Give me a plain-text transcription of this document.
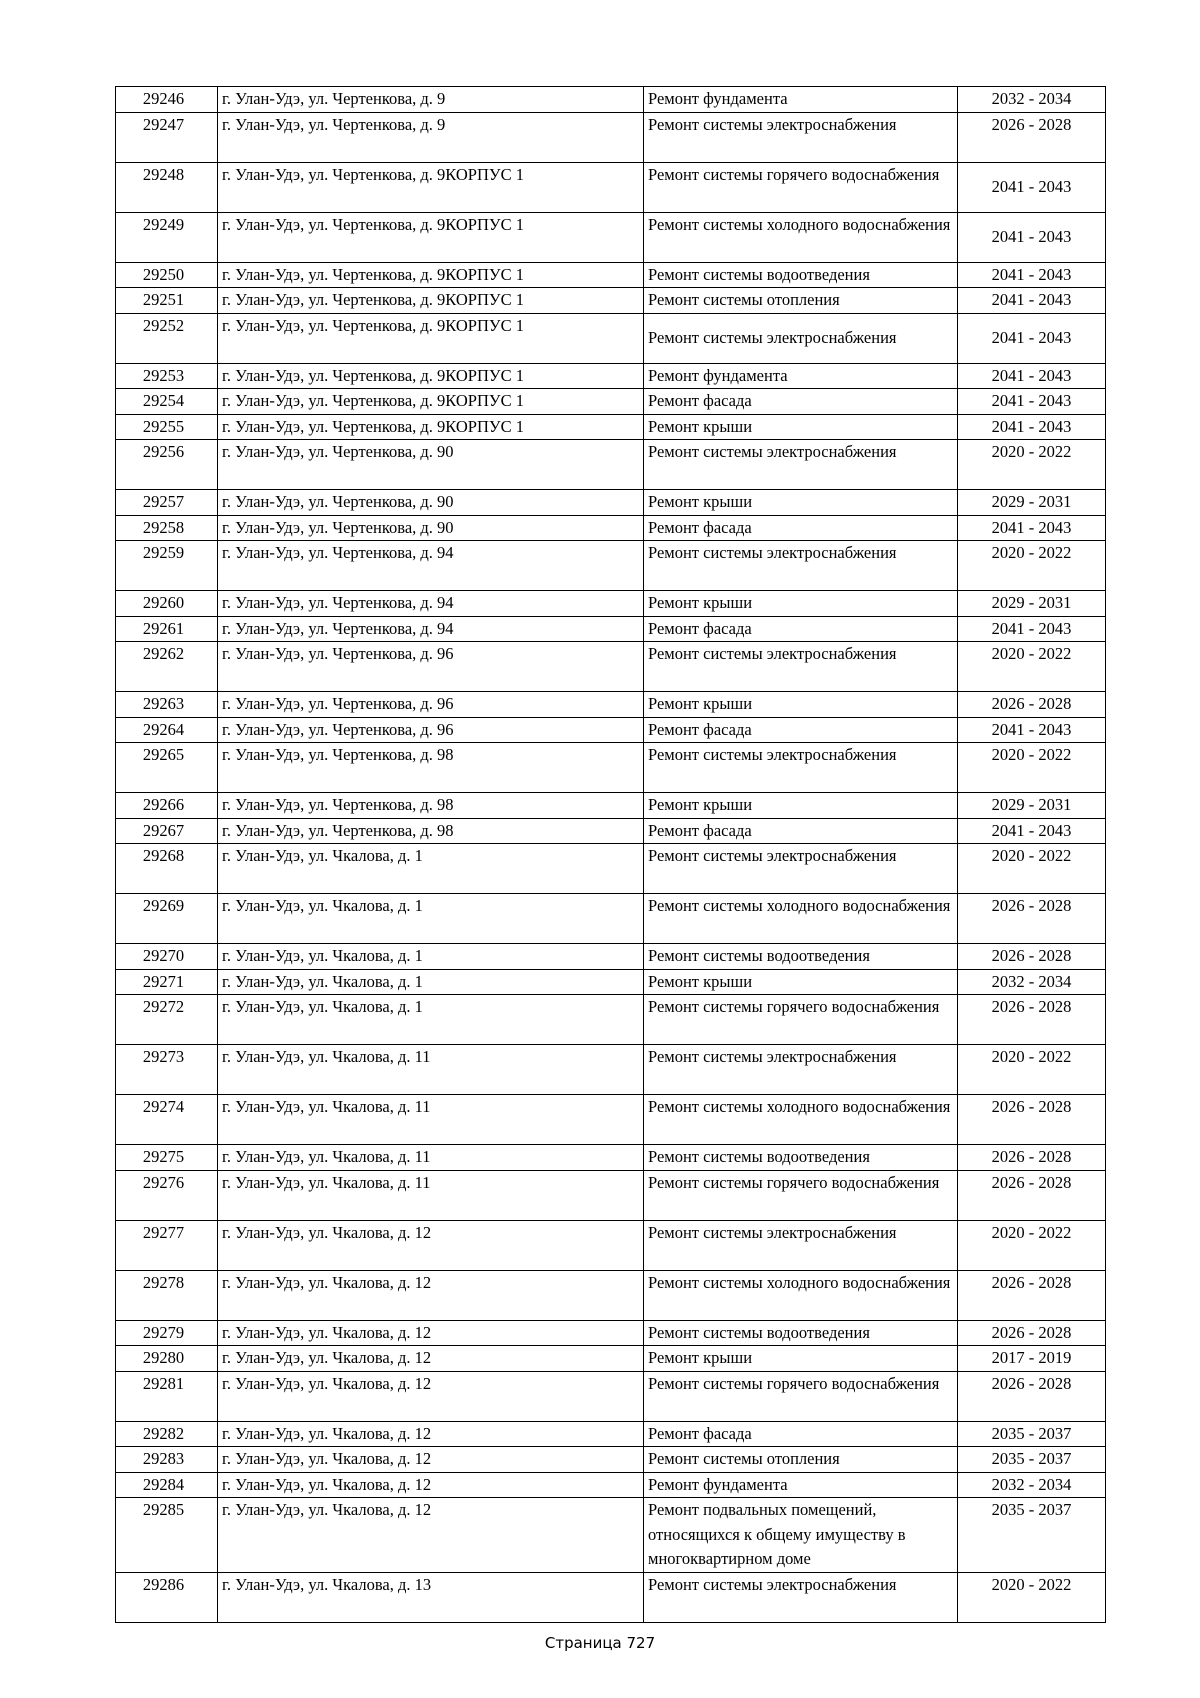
29246	г. Улан-Удэ, ул. Чертенкова, д. 9	Ремонт фундамента	2032 - 2034
29247	г. Улан-Удэ, ул. Чертенкова, д. 9	Ремонт системы электроснабжения	2026 - 2028
29248	г. Улан-Удэ, ул. Чертенкова, д. 9КОРПУС 1	Ремонт системы горячего водоснабжения	2041 - 2043
29249	г. Улан-Удэ, ул. Чертенкова, д. 9КОРПУС 1	Ремонт системы холодного водоснабжения	2041 - 2043
29250	г. Улан-Удэ, ул. Чертенкова, д. 9КОРПУС 1	Ремонт системы водоотведения	2041 - 2043
29251	г. Улан-Удэ, ул. Чертенкова, д. 9КОРПУС 1	Ремонт системы отопления	2041 - 2043
29252	г. Улан-Удэ, ул. Чертенкова, д. 9КОРПУС 1	Ремонт системы электроснабжения	2041 - 2043
29253	г. Улан-Удэ, ул. Чертенкова, д. 9КОРПУС 1	Ремонт фундамента	2041 - 2043
29254	г. Улан-Удэ, ул. Чертенкова, д. 9КОРПУС 1	Ремонт фасада	2041 - 2043
29255	г. Улан-Удэ, ул. Чертенкова, д. 9КОРПУС 1	Ремонт крыши	2041 - 2043
29256	г. Улан-Удэ, ул. Чертенкова, д. 90	Ремонт системы электроснабжения	2020 - 2022
29257	г. Улан-Удэ, ул. Чертенкова, д. 90	Ремонт крыши	2029 - 2031
29258	г. Улан-Удэ, ул. Чертенкова, д. 90	Ремонт фасада	2041 - 2043
29259	г. Улан-Удэ, ул. Чертенкова, д. 94	Ремонт системы электроснабжения	2020 - 2022
29260	г. Улан-Удэ, ул. Чертенкова, д. 94	Ремонт крыши	2029 - 2031
29261	г. Улан-Удэ, ул. Чертенкова, д. 94	Ремонт фасада	2041 - 2043
29262	г. Улан-Удэ, ул. Чертенкова, д. 96	Ремонт системы электроснабжения	2020 - 2022
29263	г. Улан-Удэ, ул. Чертенкова, д. 96	Ремонт крыши	2026 - 2028
29264	г. Улан-Удэ, ул. Чертенкова, д. 96	Ремонт фасада	2041 - 2043
29265	г. Улан-Удэ, ул. Чертенкова, д. 98	Ремонт системы электроснабжения	2020 - 2022
29266	г. Улан-Удэ, ул. Чертенкова, д. 98	Ремонт крыши	2029 - 2031
29267	г. Улан-Удэ, ул. Чертенкова, д. 98	Ремонт фасада	2041 - 2043
29268	г. Улан-Удэ, ул. Чкалова, д. 1	Ремонт системы электроснабжения	2020 - 2022
29269	г. Улан-Удэ, ул. Чкалова, д. 1	Ремонт системы холодного водоснабжения	2026 - 2028
29270	г. Улан-Удэ, ул. Чкалова, д. 1	Ремонт системы водоотведения	2026 - 2028
29271	г. Улан-Удэ, ул. Чкалова, д. 1	Ремонт крыши	2032 - 2034
29272	г. Улан-Удэ, ул. Чкалова, д. 1	Ремонт системы горячего водоснабжения	2026 - 2028
29273	г. Улан-Удэ, ул. Чкалова, д. 11	Ремонт системы электроснабжения	2020 - 2022
29274	г. Улан-Удэ, ул. Чкалова, д. 11	Ремонт системы холодного водоснабжения	2026 - 2028
29275	г. Улан-Удэ, ул. Чкалова, д. 11	Ремонт системы водоотведения	2026 - 2028
29276	г. Улан-Удэ, ул. Чкалова, д. 11	Ремонт системы горячего водоснабжения	2026 - 2028
29277	г. Улан-Удэ, ул. Чкалова, д. 12	Ремонт системы электроснабжения	2020 - 2022
29278	г. Улан-Удэ, ул. Чкалова, д. 12	Ремонт системы холодного водоснабжения	2026 - 2028
29279	г. Улан-Удэ, ул. Чкалова, д. 12	Ремонт системы водоотведения	2026 - 2028
29280	г. Улан-Удэ, ул. Чкалова, д. 12	Ремонт крыши	2017 - 2019
29281	г. Улан-Удэ, ул. Чкалова, д. 12	Ремонт системы горячего водоснабжения	2026 - 2028
29282	г. Улан-Удэ, ул. Чкалова, д. 12	Ремонт фасада	2035 - 2037
29283	г. Улан-Удэ, ул. Чкалова, д. 12	Ремонт системы отопления	2035 - 2037
29284	г. Улан-Удэ, ул. Чкалова, д. 12	Ремонт фундамента	2032 - 2034
29285	г. Улан-Удэ, ул. Чкалова, д. 12	Ремонт подвальных помещений, относящихся к общему имуществу в многоквартирном доме	2035 - 2037
29286	г. Улан-Удэ, ул. Чкалова, д. 13	Ремонт системы электроснабжения	2020 - 2022
Страница 727
